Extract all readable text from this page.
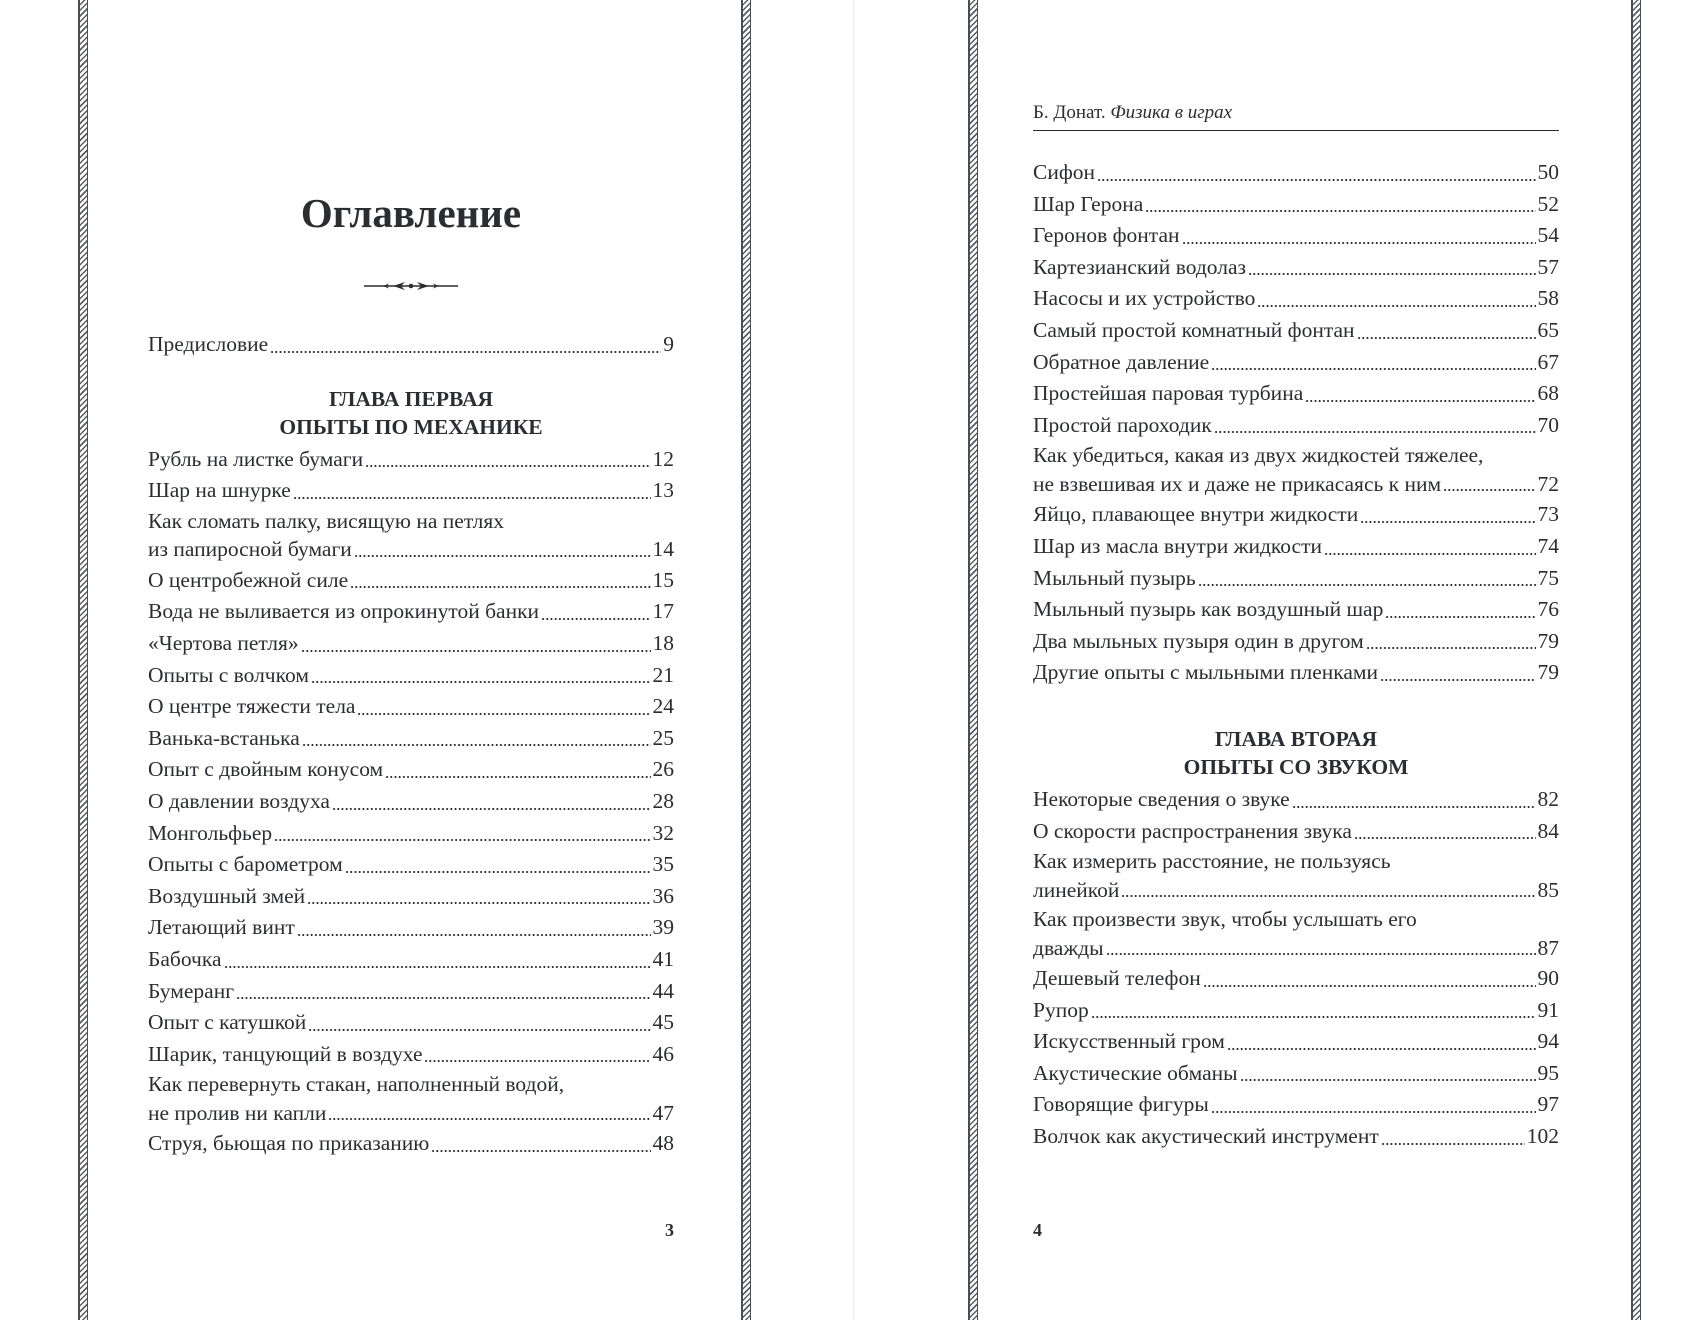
Оглавление
Предисловие	9
ГЛАВА ПЕРВАЯ
ОПЫТЫ ПО МЕХАНИКЕ
Рубль на листке бумаги	12
Шар на шнурке	13
Как сломать палку, висящую на петлях
из папиросной бумаги	14
О центробежной силе	15
Вода не выливается из опрокинутой банки	17
«Чертова петля»	18
Опыты с волчком	21
О центре тяжести тела	24
Ванька-встанька	25
Опыт с двойным конусом	26
О давлении воздуха	28
Монгольфьер	32
Опыты с барометром	35
Воздушный змей	36
Летающий винт	39
Бабочка	41
Бумеранг	44
Опыт с катушкой	45
Шарик, танцующий в воздухе	46
Как перевернуть стакан, наполненный водой,
не пролив ни капли	47
Струя, бьющая по приказанию	48
3
Б. Донат. Физика в играх
Сифон	50
Шар Герона	52
Геронов фонтан	54
Картезианский водолаз	57
Насосы и их устройство	58
Самый простой комнатный фонтан	65
Обратное давление	67
Простейшая паровая турбина	68
Простой пароходик	70
Как убедиться, какая из двух жидкостей тяжелее,
не взвешивая их и даже не прикасаясь к ним	72
Яйцо, плавающее внутри жидкости	73
Шар из масла внутри жидкости	74
Мыльный пузырь	75
Мыльный пузырь как воздушный шар	76
Два мыльных пузыря один в другом	79
Другие опыты с мыльными пленками	79
ГЛАВА ВТОРАЯ
ОПЫТЫ СО ЗВУКОМ
Некоторые сведения о звуке	82
О скорости распространения звука	84
Как измерить расстояние, не пользуясь
линейкой	85
Как произвести звук, чтобы услышать его
дважды	87
Дешевый телефон	90
Рупор	91
Искусственный гром	94
Акустические обманы	95
Говорящие фигуры	97
Волчок как акустический инструмент	102
4
